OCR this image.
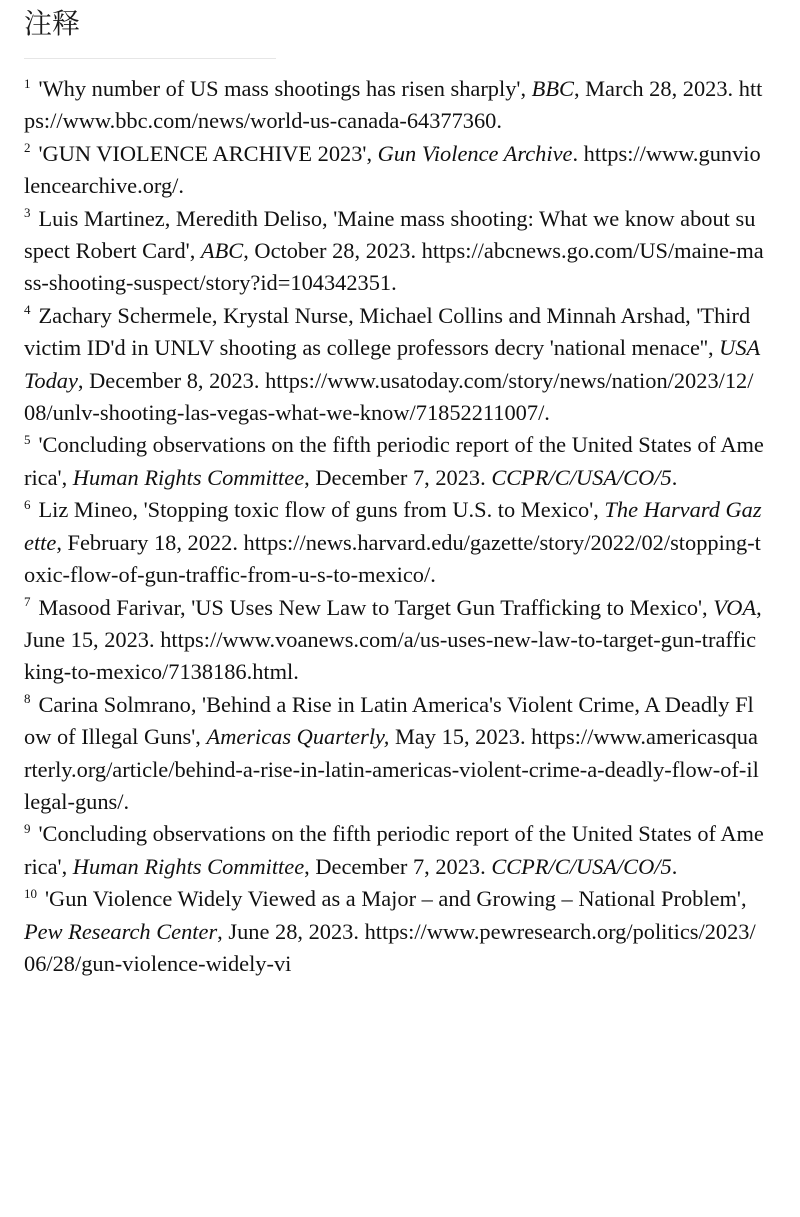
注释

$^1$ 'Why number of US mass shootings has risen sharply', BBC, March 28, 2023. https://www.bbc.com/news/world-us-canada-64377360.

$^2$ 'GUN VIOLENCE ARCHIVE 2023', Gun Violence Archive. https://www.gunviolencearchive.org/.

$^3$ Luis Martinez, Meredith Deliso, 'Maine mass shooting: What we know about suspect Robert Card', ABC, October 28, 2023. https://abcnews.go.com/US/maine-mass-shooting-suspect/story?id=104342351.

$^4$ Zachary Schermele, Krystal Nurse, Michael Collins and Minnah Arshad, 'Third victim ID'd in UNLV shooting as college professors decry 'national menace'', USA Today, December 8, 2023. https://www.usatoday.com/story/news/nation/2023/12/08/unlv-shooting-las-vegas-what-we-know/71852211007/.

$^5$ 'Concluding observations on the fifth periodic report of the United States of America', Human Rights Committee, December 7, 2023. CCPR/C/USA/CO/5.

$^6$ Liz Mineo, 'Stopping toxic flow of guns from U.S. to Mexico', The Harvard Gazette, February 18, 2022. https://news.harvard.edu/gazette/story/2022/02/stopping-toxic-flow-of-gun-traffic-from-u-s-to-mexico/.

$^7$ Masood Farivar, 'US Uses New Law to Target Gun Trafficking to Mexico', VOA, June 15, 2023. https://www.voanews.com/a/us-uses-new-law-to-target-gun-trafficking-to-mexico/7138186.html.

$^8$ Carina Solmrano, 'Behind a Rise in Latin America's Violent Crime, A Deadly Flow of Illegal Guns', Americas Quarterly, May 15, 2023. https://www.americasquarterly.org/article/behind-a-rise-in-latin-americas-violent-crime-a-deadly-flow-of-illegal-guns/.

$^9$ 'Concluding observations on the fifth periodic report of the United States of America', Human Rights Committee, December 7, 2023. CCPR/C/USA/CO/5.

$^{10}$ 'Gun Violence Widely Viewed as a Major – and Growing – National Problem', Pew Research Center, June 28, 2023. https://www.pewresearch.org/politics/2023/06/28/gun-violence-widely-vi
